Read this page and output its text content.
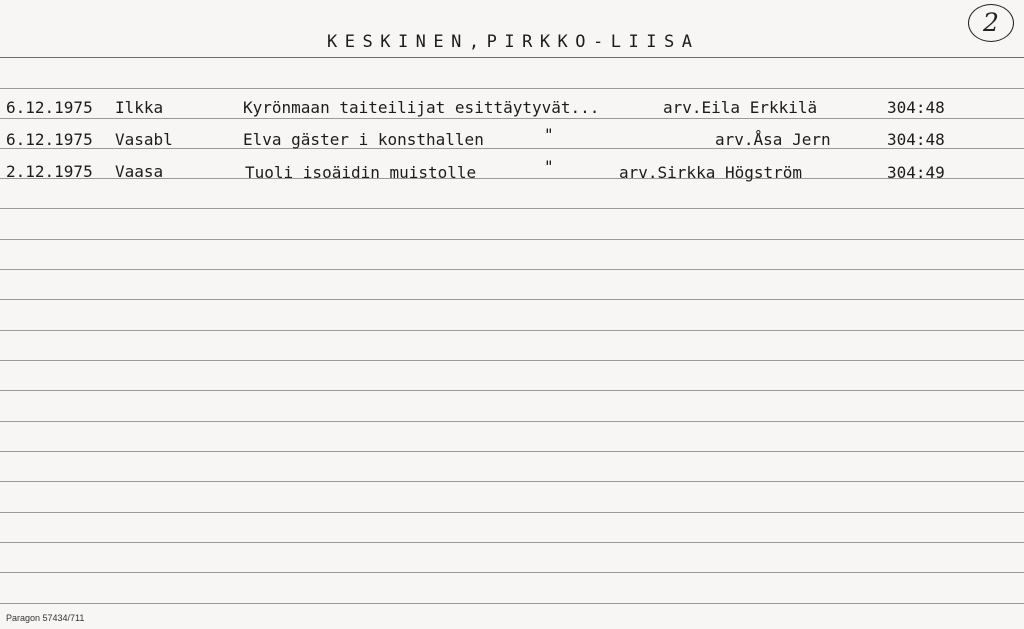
KESKINEN,PIRKKO-LIISA
2
6.12.1975 Ilkka	Kyrönmaan taiteilijat esittäytyvät...	arv.Eila Erkkilä	304:48
6.12.1975 Vasabl	Elva gäster i konsthallen	"	arv.Åsa Jern	304:48
2.12.1975 Vaasa	Tuoli isoäidin muistolle	"	arv.Sirkka Högström	304:49
Paragon 57434/711
